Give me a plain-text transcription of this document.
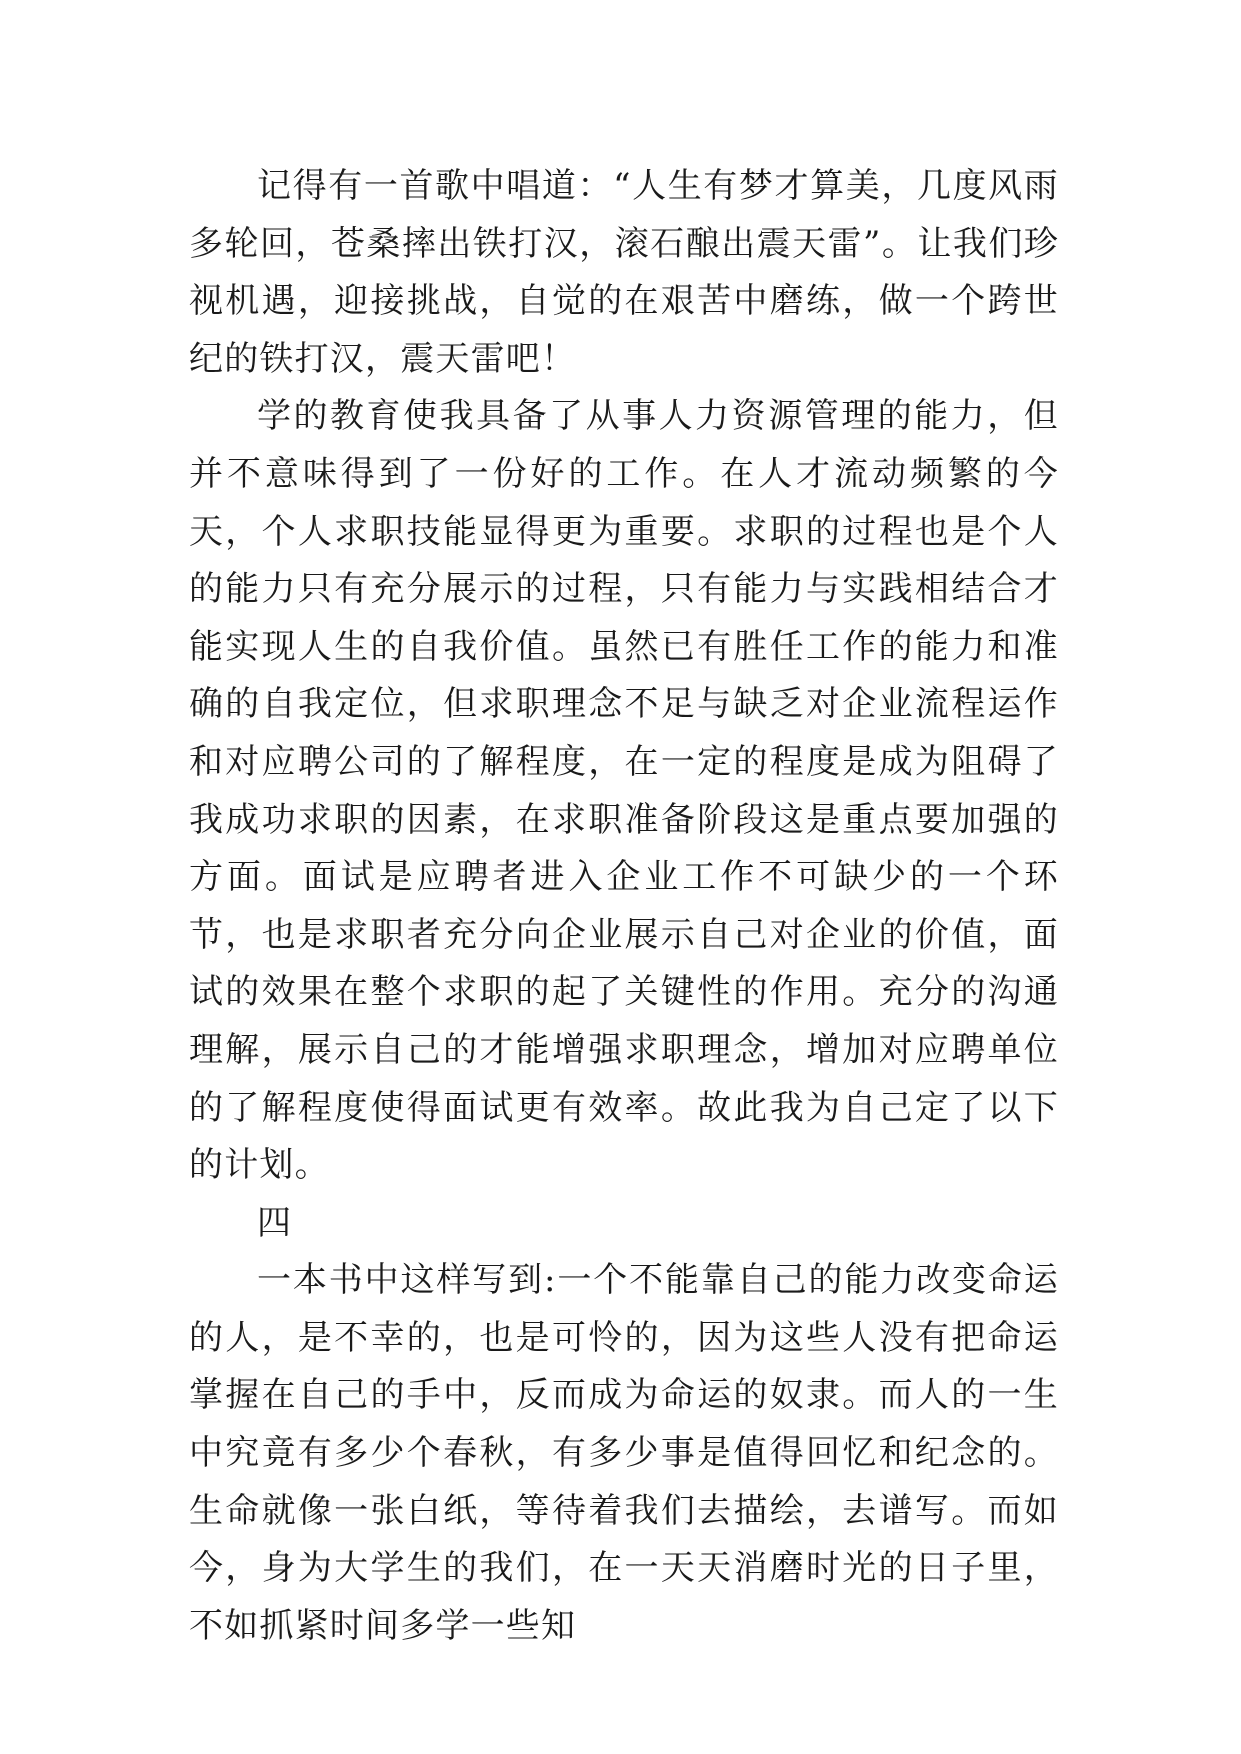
记得有一首歌中唱道：“人生有梦才算美，几度风雨多轮回，苍桑摔出铁打汉，滚石酿出震天雷”。让我们珍视机遇，迎接挑战，自觉的在艰苦中磨练，做一个跨世纪的铁打汉，震天雷吧！

学的教育使我具备了从事人力资源管理的能力，但并不意味得到了一份好的工作。在人才流动频繁的今天，个人求职技能显得更为重要。求职的过程也是个人的能力只有充分展示的过程，只有能力与实践相结合才能实现人生的自我价值。虽然已有胜任工作的能力和准确的自我定位，但求职理念不足与缺乏对企业流程运作和对应聘公司的了解程度，在一定的程度是成为阻碍了我成功求职的因素，在求职准备阶段这是重点要加强的方面。面试是应聘者进入企业工作不可缺少的一个环节，也是求职者充分向企业展示自己对企业的价值，面试的效果在整个求职的起了关键性的作用。充分的沟通理解，展示自己的才能增强求职理念，增加对应聘单位的了解程度使得面试更有效率。故此我为自己定了以下的计划。

四

一本书中这样写到:一个不能靠自己的能力改变命运的人，是不幸的，也是可怜的，因为这些人没有把命运掌握在自己的手中，反而成为命运的奴隶。而人的一生中究竟有多少个春秋，有多少事是值得回忆和纪念的。生命就像一张白纸，等待着我们去描绘，去谱写。而如今，身为大学生的我们，在一天天消磨时光的日子里，不如抓紧时间多学一些知
